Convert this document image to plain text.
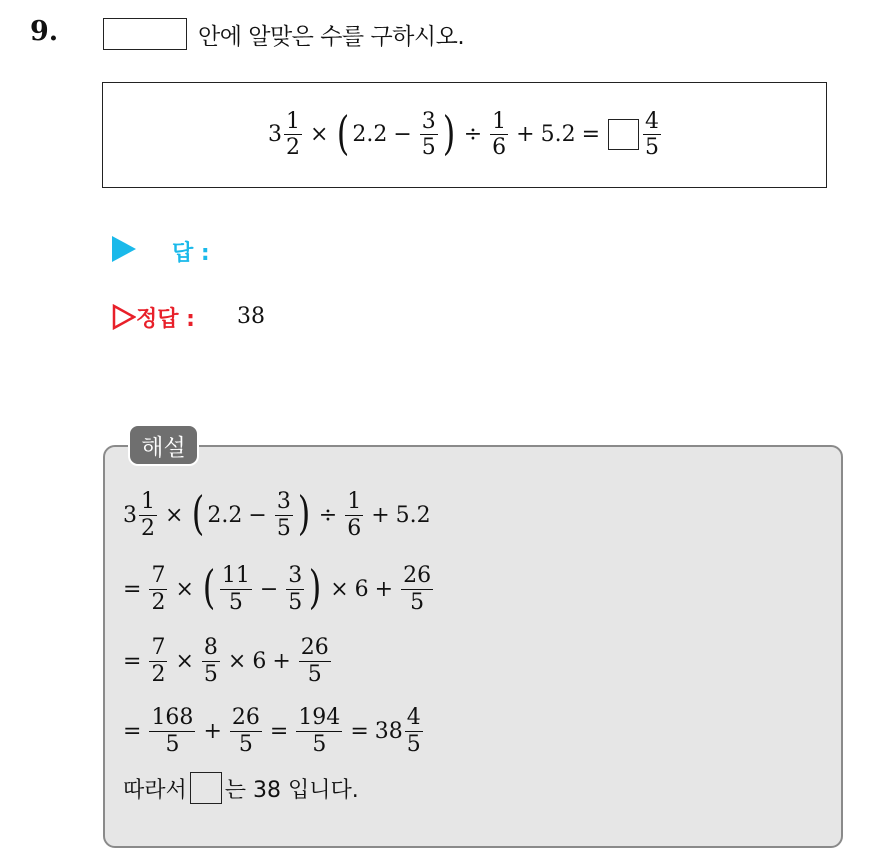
9.	안에 알맞은 수를 구하시오.
$3 \frac{1}{2}$ × ( $2.2 - \frac{3}{5}$ ) ÷ $\frac{1}{6} + 5.2 = \frac{4}{5}$
답 :
정답 : 38
해설
$3 \frac{1}{2}$ × ( $2.2 - \frac{3}{5}$ ) ÷ $\frac{1}{6} + 5.2$
= $\frac{7}{2}$ × ( $\frac{11}{5} - \frac{3}{5}$ ) × $6 + \frac{26}{5}$
= $\frac{7}{2} \times \frac{8}{5} \times 6 + \frac{26}{5}$
= $\frac{168}{5} + \frac{26}{5} = \frac{194}{5} = 38 \frac{4}{5}$
따라서 는 38 입니다.
